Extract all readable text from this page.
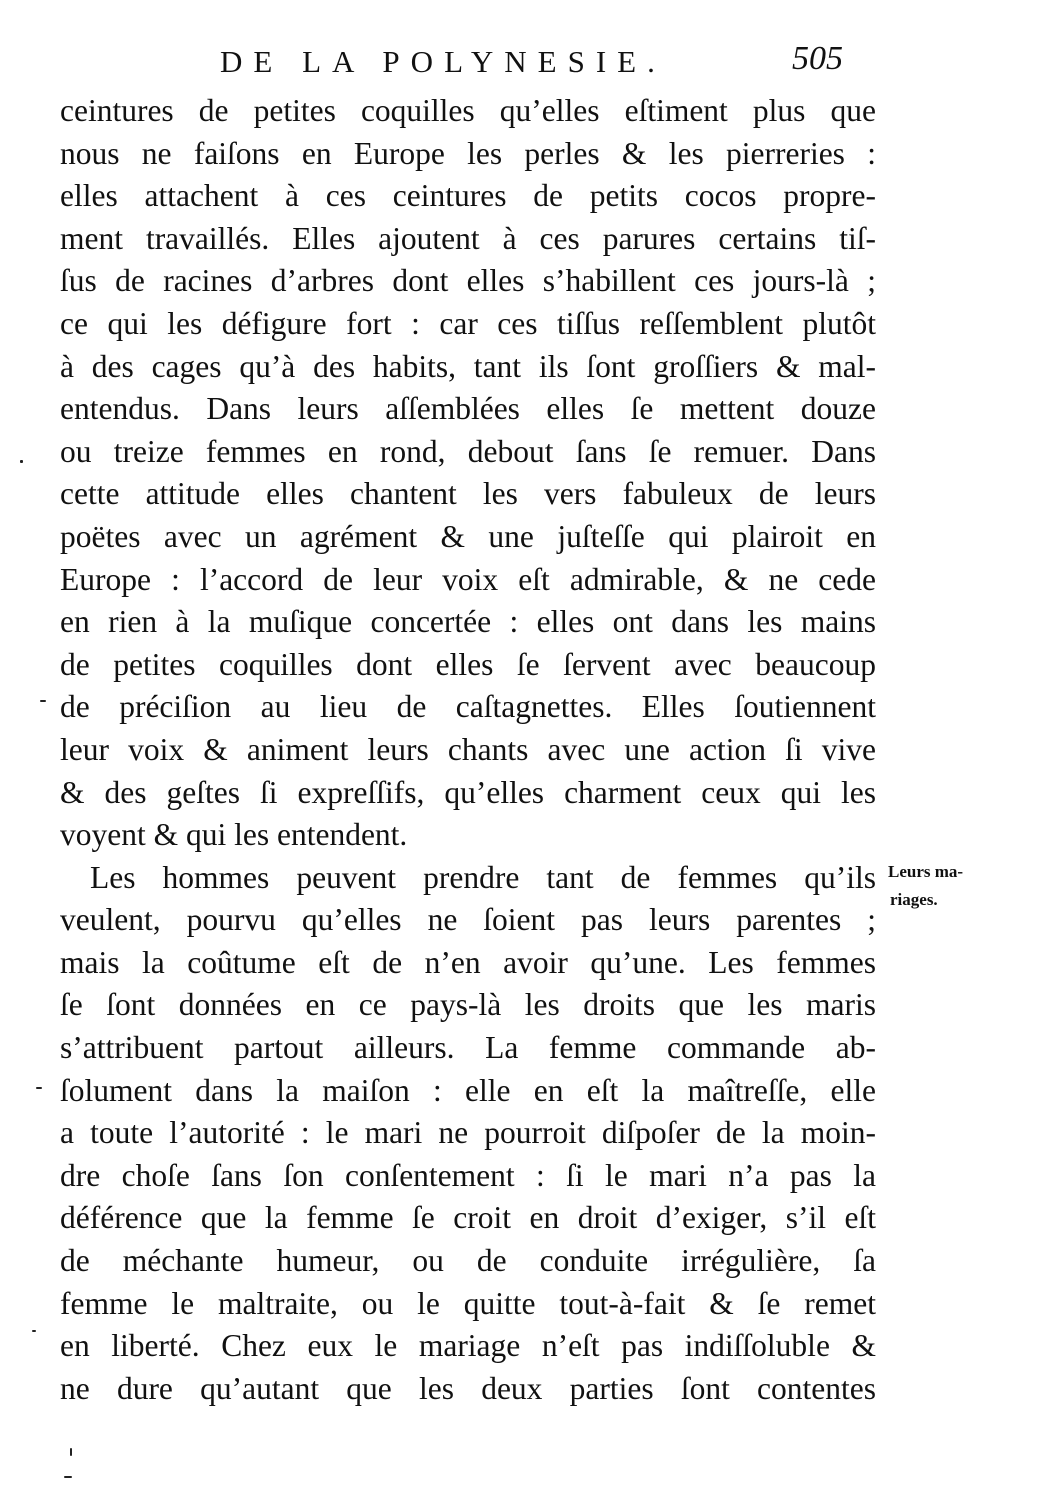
DE LA POLYNESIE.	505
ceintures de petites coquilles qu’elles eſtiment plus que
nous ne faiſons en Europe les perles & les pierreries :
elles attachent à ces ceintures de petits cocos propre-
ment travaillés. Elles ajoutent à ces parures certains tiſ-
ſus de racines d’arbres dont elles s’habillent ces jours-là ;
ce qui les défigure fort : car ces tiſſus reſſemblent plutôt
à des cages qu’à des habits, tant ils ſont groſſiers & mal-
entendus. Dans leurs aſſemblées elles ſe mettent douze
ou treize femmes en rond, debout ſans ſe remuer. Dans
cette attitude elles chantent les vers fabuleux de leurs
poëtes avec un agrément & une juſteſſe qui plairoit en
Europe : l’accord de leur voix eſt admirable, & ne cede
en rien à la muſique concertée : elles ont dans les mains
de petites coquilles dont elles ſe ſervent avec beaucoup
de préciſion au lieu de caſtagnettes. Elles ſoutiennent
leur voix & animent leurs chants avec une action ſi vive
& des geſtes ſi expreſſifs, qu’elles charment ceux qui les
voyent & qui les entendent.
Les hommes peuvent prendre tant de femmes qu’ils
veulent, pourvu qu’elles ne ſoient pas leurs parentes ;
mais la coûtume eſt de n’en avoir qu’une. Les femmes
ſe ſont données en ce pays-là les droits que les maris
s’attribuent partout ailleurs. La femme commande ab-
ſolument dans la maiſon : elle en eſt la maîtreſſe, elle
a toute l’autorité : le mari ne pourroit diſpoſer de la moin-
dre choſe ſans ſon conſentement : ſi le mari n’a pas la
déférence que la femme ſe croit en droit d’exiger, s’il eſt
de méchante humeur, ou de conduite irrégulière, ſa
femme le maltraite, ou le quitte tout-à-fait & ſe remet
en liberté. Chez eux le mariage n’eſt pas indiſſoluble &
ne dure qu’autant que les deux parties ſont contentes
Leurs ma-
riages.
